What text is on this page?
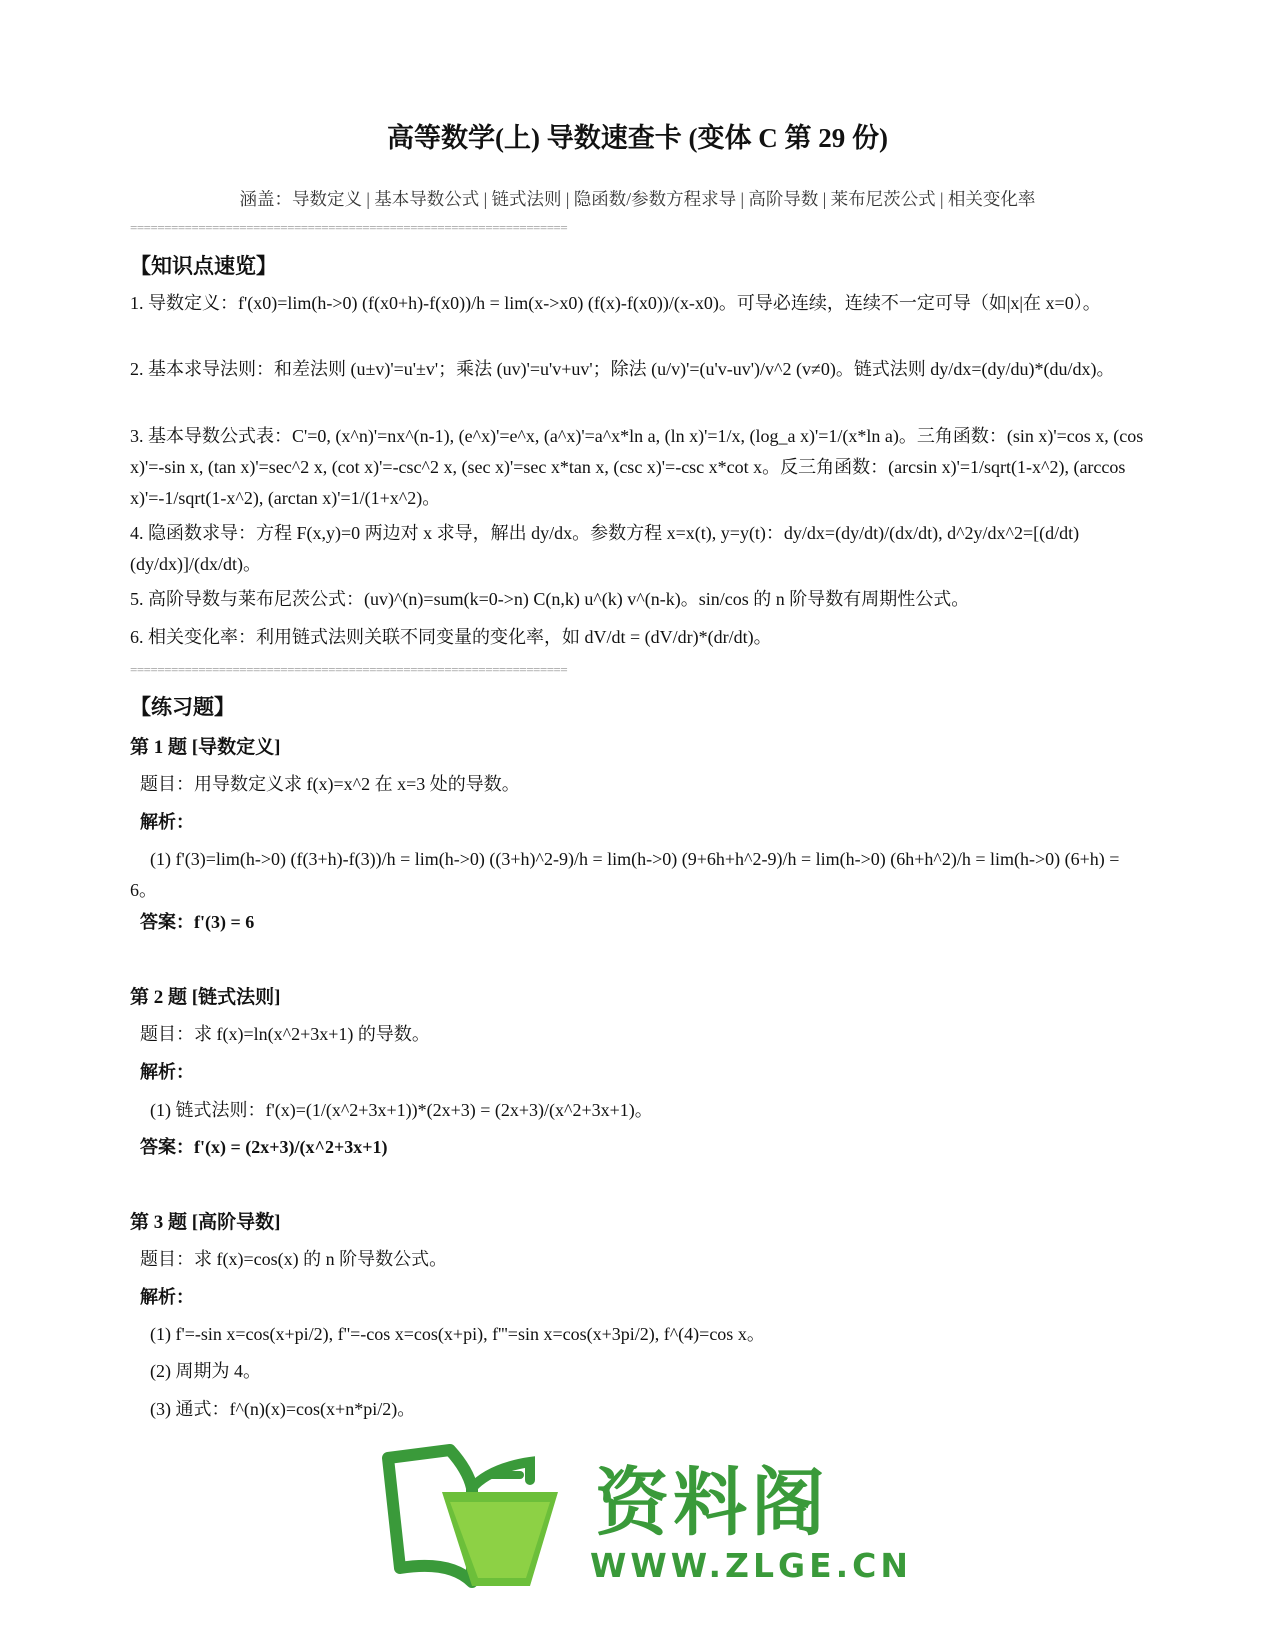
高等数学(上) 导数速查卡 (变体 C 第 29 份)
涵盖：导数定义 | 基本导数公式 | 链式法则 | 隐函数/参数方程求导 | 高阶导数 | 莱布尼茨公式 | 相关变化率
================================================================
【知识点速览】
1. 导数定义：f'(x0)=lim(h->0) (f(x0+h)-f(x0))/h = lim(x->x0) (f(x)-f(x0))/(x-x0)。可导必连续，连续不一定可导（如|x|在 x=0）。
2. 基本求导法则：和差法则 (u±v)'=u'±v'；乘法 (uv)'=u'v+uv'；除法 (u/v)'=(u'v-uv')/v^2 (v≠0)。链式法则 dy/dx=(dy/du)*(du/dx)。
3. 基本导数公式表：C'=0, (x^n)'=nx^(n-1), (e^x)'=e^x, (a^x)'=a^x*ln a, (ln x)'=1/x, (log_a x)'=1/(x*ln a)。三角函数：(sin x)'=cos x, (cos x)'=-sin x, (tan x)'=sec^2 x, (cot x)'=-csc^2 x, (sec x)'=sec x*tan x, (csc x)'=-csc x*cot x。反三角函数：(arcsin x)'=1/sqrt(1-x^2), (arccos x)'=-1/sqrt(1-x^2), (arctan x)'=1/(1+x^2)。
4. 隐函数求导：方程 F(x,y)=0 两边对 x 求导，解出 dy/dx。参数方程 x=x(t), y=y(t)：dy/dx=(dy/dt)/(dx/dt), d^2y/dx^2=[(d/dt)(dy/dx)]/(dx/dt)。
5. 高阶导数与莱布尼茨公式：(uv)^(n)=sum(k=0->n) C(n,k) u^(k) v^(n-k)。sin/cos 的 n 阶导数有周期性公式。
6. 相关变化率：利用链式法则关联不同变量的变化率，如 dV/dt = (dV/dr)*(dr/dt)。
================================================================
【练习题】
第 1 题 [导数定义]
题目：用导数定义求 f(x)=x^2 在 x=3 处的导数。
解析：
(1) f'(3)=lim(h->0) (f(3+h)-f(3))/h = lim(h->0) ((3+h)^2-9)/h = lim(h->0) (9+6h+h^2-9)/h = lim(h->0) (6h+h^2)/h = lim(h->0) (6+h) = 6。
答案：f'(3) = 6
第 2 题 [链式法则]
题目：求 f(x)=ln(x^2+3x+1) 的导数。
解析：
(1) 链式法则：f'(x)=(1/(x^2+3x+1))*(2x+3) = (2x+3)/(x^2+3x+1)。
答案：f'(x) = (2x+3)/(x^2+3x+1)
第 3 题 [高阶导数]
题目：求 f(x)=cos(x) 的 n 阶导数公式。
解析：
(1) f'=-sin x=cos(x+pi/2), f''=-cos x=cos(x+pi), f'''=sin x=cos(x+3pi/2), f^(4)=cos x。
(2) 周期为 4。
(3) 通式：f^(n)(x)=cos(x+n*pi/2)。
资料阁
WWW.ZLGE.CN
